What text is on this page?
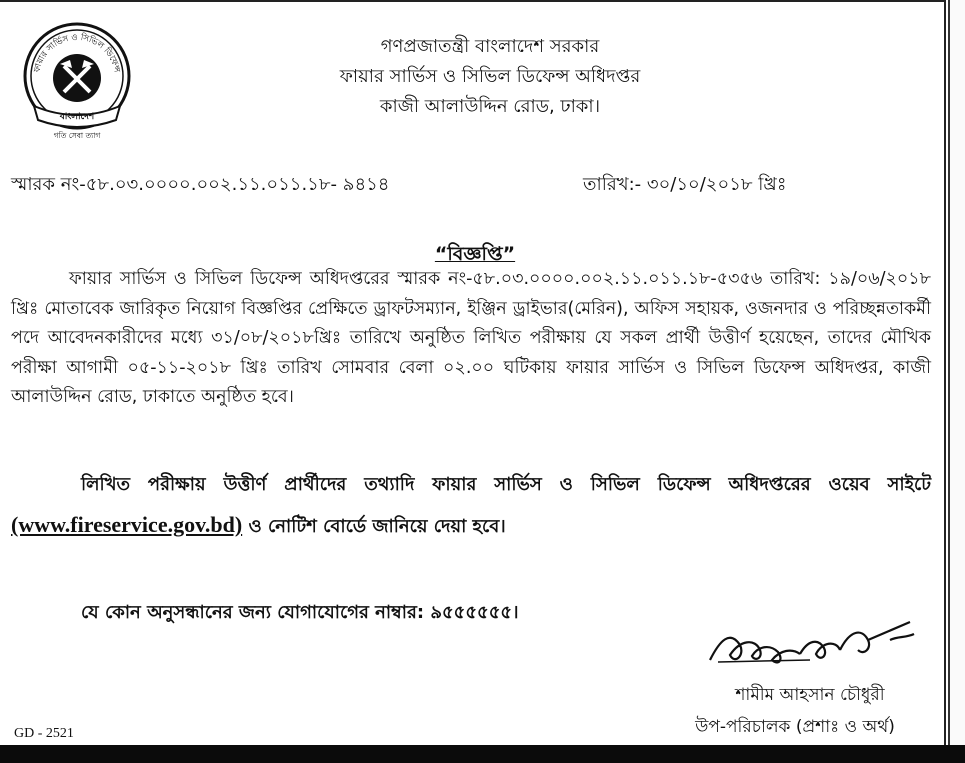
ফায়ার সার্ভিস ও সিভিল ডিফেন্স
বাংলাদেশ
গতি সেবা ত্যাগ
গণপ্রজাতন্ত্রী বাংলাদেশ সরকার
ফায়ার সার্ভিস ও সিভিল ডিফেন্স অধিদপ্তর
কাজী আলাউদ্দিন রোড, ঢাকা।
স্মারক নং-৫৮.০৩.০০০০.০০২.১১.০১১.১৮- ৯৪১৪	তারিখ:- ৩০/১০/২০১৮ খ্রিঃ
“বিজ্ঞপ্তি”

ফায়ার সার্ভিস ও সিভিল ডিফেন্স অধিদপ্তরের স্মারক নং-৫৮.০৩.০০০০.০০২.১১.০১১.১৮-৫৩৫৬ তারিখ: ১৯/০৬/২০১৮ খ্রিঃ মোতাবেক জারিকৃত নিয়োগ বিজ্ঞপ্তির প্রেক্ষিতে ড্রাফটসম্যান, ইঞ্জিন ড্রাইভার(মেরিন), অফিস সহায়ক, ওজনদার ও পরিচ্ছন্নতাকর্মী পদে আবেদনকারীদের মধ্যে ৩১/০৮/২০১৮খ্রিঃ তারিখে অনুষ্ঠিত লিখিত পরীক্ষায় যে সকল প্রার্থী উত্তীর্ণ হয়েছেন, তাদের মৌখিক পরীক্ষা আগামী ০৫-১১-২০১৮ খ্রিঃ তারিখ সোমবার বেলা ০২.০০ ঘটিকায় ফায়ার সার্ভিস ও সিভিল ডিফেন্স অধিদপ্তর, কাজী আলাউদ্দিন রোড, ঢাকাতে অনুষ্ঠিত হবে।

লিখিত পরীক্ষায় উত্তীর্ণ প্রার্থীদের তথ্যাদি ফায়ার সার্ভিস ও সিভিল ডিফেন্স অধিদপ্তরের ওয়েব সাইটে (www.fireservice.gov.bd) ও নোটিশ বোর্ডে জানিয়ে দেয়া হবে।

যে কোন অনুসন্ধানের জন্য যোগাযোগের নাম্বার: ৯৫৫৫৫৫৫।
শামীম আহসান চৌধুরী
উপ-পরিচালক (প্রশাঃ ও অর্থ)
GD - 2521
